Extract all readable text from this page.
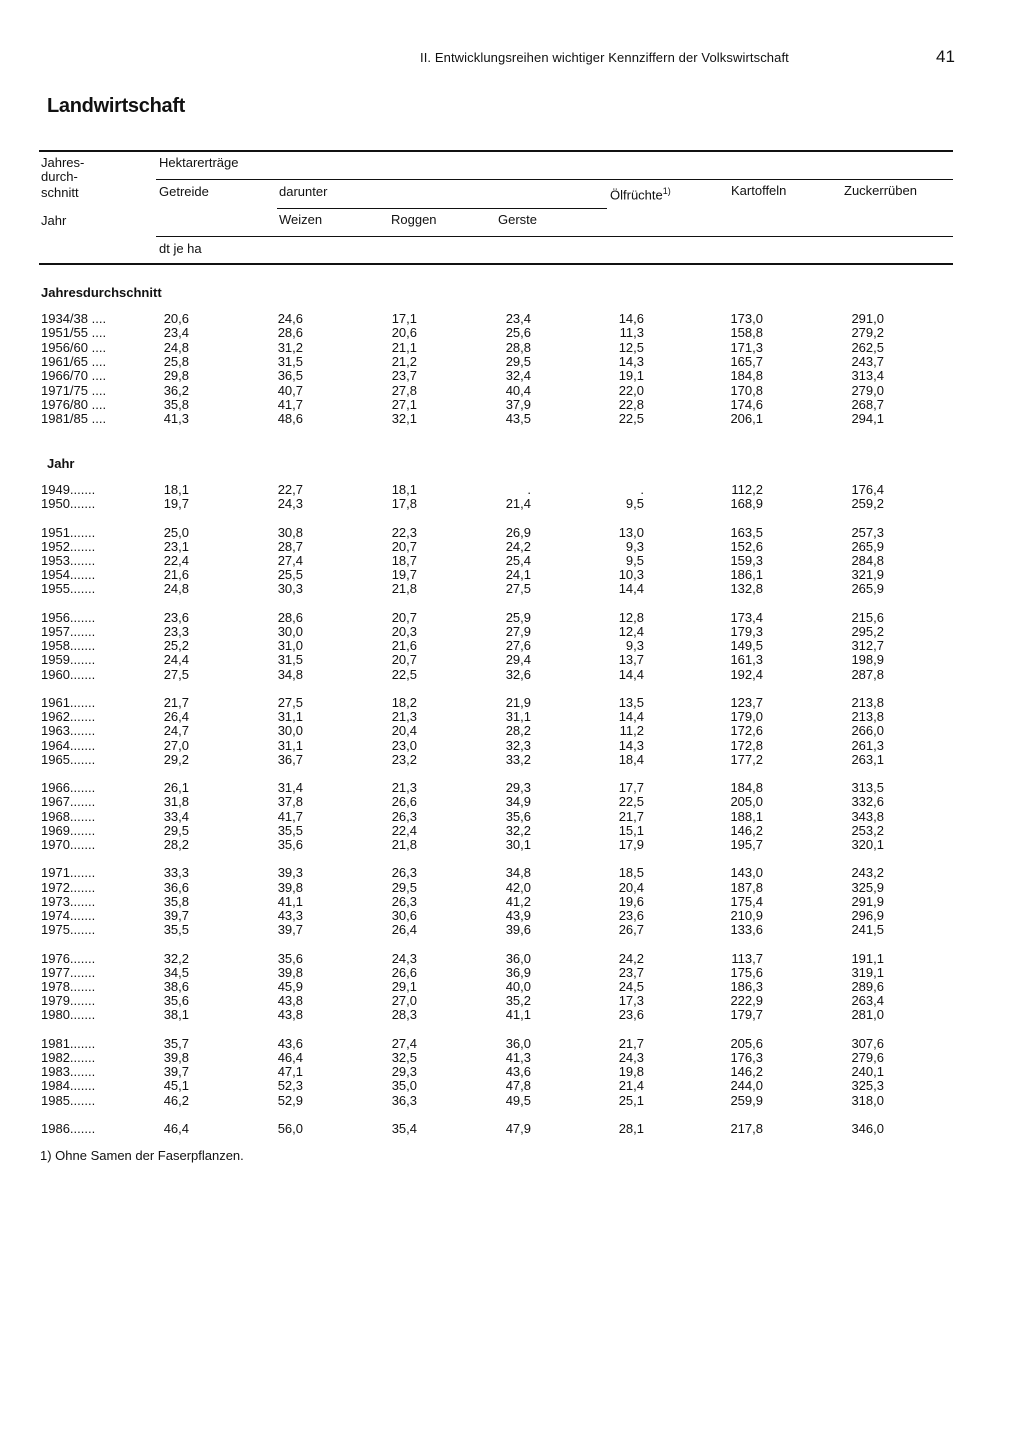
II. Entwicklungsreihen wichtiger Kennziffern der Volkswirtschaft	41
Landwirtschaft
Jahres-
durch-
schnitt
Jahr
Hektarerträge
Getreide	darunter
Weizen	Roggen	Gerste
Ölfrüchte$^{1)}$	Kartoffeln	Zuckerrüben
dt je ha
Jahresdurchschnitt
1934/38 ....	20,6	24,6	17,1	23,4	14,6	173,0	291,0
1951/55 ....	23,4	28,6	20,6	25,6	11,3	158,8	279,2
1956/60 ....	24,8	31,2	21,1	28,8	12,5	171,3	262,5
1961/65 ....	25,8	31,5	21,2	29,5	14,3	165,7	243,7
1966/70 ....	29,8	36,5	23,7	32,4	19,1	184,8	313,4
1971/75 ....	36,2	40,7	27,8	40,4	22,0	170,8	279,0
1976/80 ....	35,8	41,7	27,1	37,9	22,8	174,6	268,7
1981/85 ....	41,3	48,6	32,1	43,5	22,5	206,1	294,1
Jahr
1949.......	18,1	22,7	18,1	.	.	112,2	176,4
1950.......	19,7	24,3	17,8	21,4	9,5	168,9	259,2
1951.......	25,0	30,8	22,3	26,9	13,0	163,5	257,3
1952.......	23,1	28,7	20,7	24,2	9,3	152,6	265,9
1953.......	22,4	27,4	18,7	25,4	9,5	159,3	284,8
1954.......	21,6	25,5	19,7	24,1	10,3	186,1	321,9
1955.......	24,8	30,3	21,8	27,5	14,4	132,8	265,9
1956.......	23,6	28,6	20,7	25,9	12,8	173,4	215,6
1957.......	23,3	30,0	20,3	27,9	12,4	179,3	295,2
1958.......	25,2	31,0	21,6	27,6	9,3	149,5	312,7
1959.......	24,4	31,5	20,7	29,4	13,7	161,3	198,9
1960.......	27,5	34,8	22,5	32,6	14,4	192,4	287,8
1961.......	21,7	27,5	18,2	21,9	13,5	123,7	213,8
1962.......	26,4	31,1	21,3	31,1	14,4	179,0	213,8
1963.......	24,7	30,0	20,4	28,2	11,2	172,6	266,0
1964.......	27,0	31,1	23,0	32,3	14,3	172,8	261,3
1965.......	29,2	36,7	23,2	33,2	18,4	177,2	263,1
1966.......	26,1	31,4	21,3	29,3	17,7	184,8	313,5
1967.......	31,8	37,8	26,6	34,9	22,5	205,0	332,6
1968.......	33,4	41,7	26,3	35,6	21,7	188,1	343,8
1969.......	29,5	35,5	22,4	32,2	15,1	146,2	253,2
1970.......	28,2	35,6	21,8	30,1	17,9	195,7	320,1
1971.......	33,3	39,3	26,3	34,8	18,5	143,0	243,2
1972.......	36,6	39,8	29,5	42,0	20,4	187,8	325,9
1973.......	35,8	41,1	26,3	41,2	19,6	175,4	291,9
1974.......	39,7	43,3	30,6	43,9	23,6	210,9	296,9
1975.......	35,5	39,7	26,4	39,6	26,7	133,6	241,5
1976.......	32,2	35,6	24,3	36,0	24,2	113,7	191,1
1977.......	34,5	39,8	26,6	36,9	23,7	175,6	319,1
1978.......	38,6	45,9	29,1	40,0	24,5	186,3	289,6
1979.......	35,6	43,8	27,0	35,2	17,3	222,9	263,4
1980.......	38,1	43,8	28,3	41,1	23,6	179,7	281,0
1981.......	35,7	43,6	27,4	36,0	21,7	205,6	307,6
1982.......	39,8	46,4	32,5	41,3	24,3	176,3	279,6
1983.......	39,7	47,1	29,3	43,6	19,8	146,2	240,1
1984.......	45,1	52,3	35,0	47,8	21,4	244,0	325,3
1985.......	46,2	52,9	36,3	49,5	25,1	259,9	318,0
1986.......	46,4	56,0	35,4	47,9	28,1	217,8	346,0
1) Ohne Samen der Faserpflanzen.
